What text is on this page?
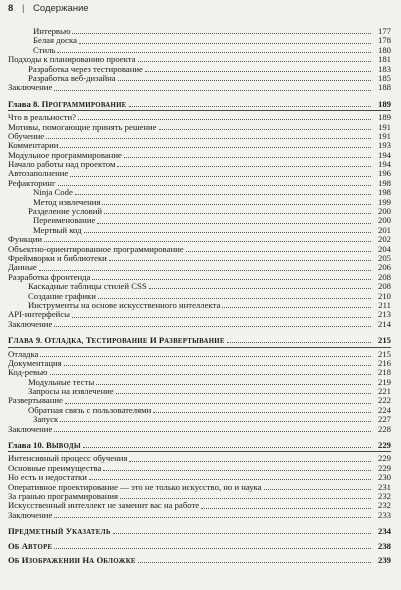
8 | Содержание
Интервью	177
Белая доска	178
Стиль	180
Подходы к планированию проекта	181
Разработка через тестирование	183
Разработка веб-дизайна	185
Заключение	188
Глава 8. ПРОГРАММИРОВАНИЕ	189
Что в реальности?	189
Мотивы, помогающие принять решение	191
Обучение	191
Комментарии	193
Модульное программирование	194
Начало работы над проектом	194
Автозаполнение	196
Рефакторинг	198
Ninja Code	198
Метод извлечения	199
Разделение условий	200
Переименование	200
Мертвый код	201
Функции	202
Объектно-ориентированное программирование	204
Фреймворки и библиотеки	205
Данные	206
Разработка фронтенда	208
Каскадные таблицы стилей CSS	208
Создание графики	210
Инструменты на основе искусственного интеллекта	211
API-интерфейсы	213
Заключение	214
ГЛАВА 9. ОТЛАДКА, ТЕСТИРОВАНИЕ И РАЗВЕРТЫВАНИЕ	215
Отладка	215
Документация	216
Код-ревью	218
Модульные тесты	219
Запросы на извлечение	221
Развертывание	222
Обратная связь с пользователями	224
Запуск	227
Заключение	228
Глава 10. ВЫВОДЫ	229
Интенсивный процесс обучения	229
Основные преимущества	229
Но есть и недостатки	230
Оперативное проектирование — это не только искусство, но и наука	231
За гранью программирования	232
Искусственный интеллект не заменит вас на работе	232
Заключение	233
ПРЕДМЕТНЫЙ УКАЗАТЕЛЬ	234
ОБ АВТОРЕ	238
ОБ ИЗОБРАЖЕНИИ НА ОБЛОЖКЕ	239
